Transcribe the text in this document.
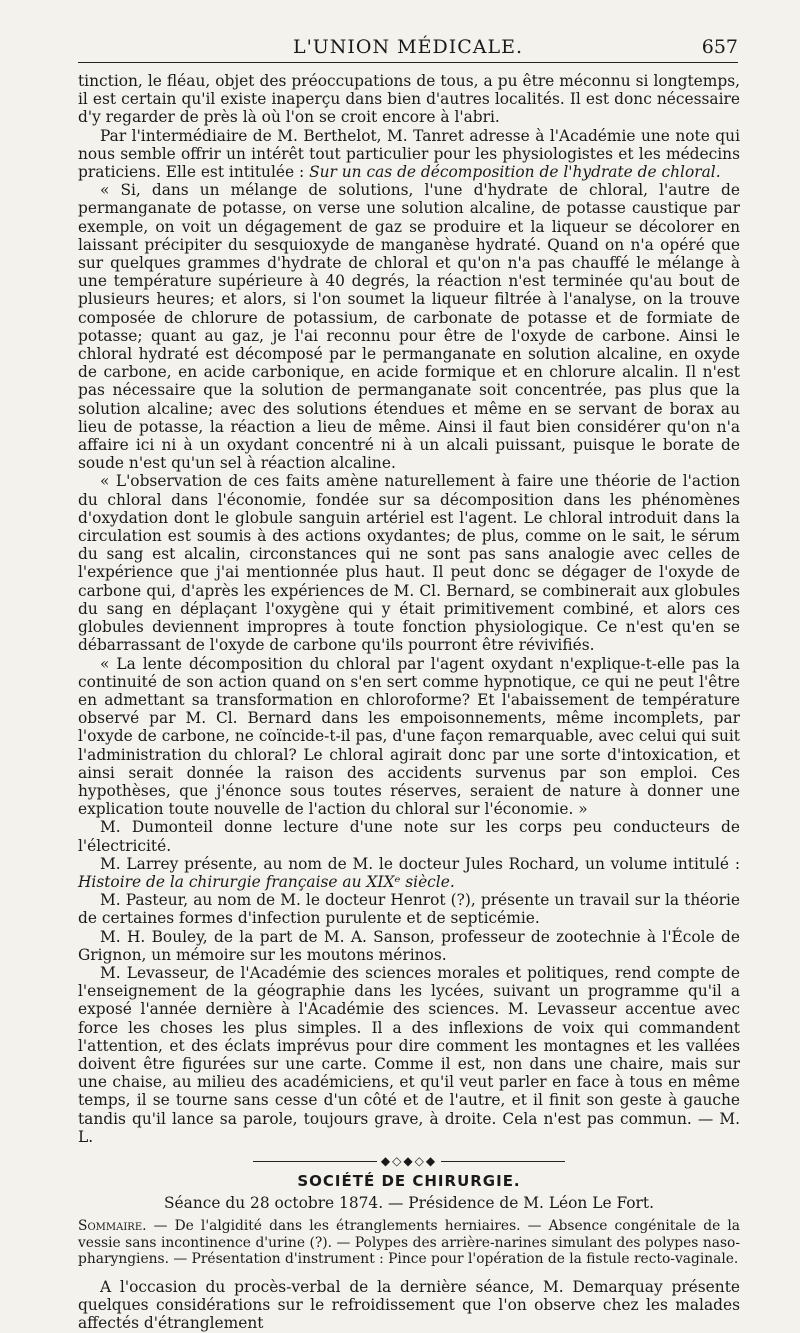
L'UNION MÉDICALE.	657

tinction, le fléau, objet des préoccupations de tous, a pu être méconnu si longtemps, il est certain qu'il existe inaperçu dans bien d'autres localités. Il est donc nécessaire d'y regarder de près là où l'on se croit encore à l'abri.

Par l'intermédiaire de M. Berthelot, M. Tanret adresse à l'Académie une note qui nous semble offrir un intérêt tout particulier pour les physiologistes et les médecins praticiens. Elle est intitulée : Sur un cas de décomposition de l'hydrate de chloral.

« Si, dans un mélange de solutions, l'une d'hydrate de chloral, l'autre de permanganate de potasse, on verse une solution alcaline, de potasse caustique par exemple, on voit un dégagement de gaz se produire et la liqueur se décolorer en laissant précipiter du sesquioxyde de manganèse hydraté. Quand on n'a opéré que sur quelques grammes d'hydrate de chloral et qu'on n'a pas chauffé le mélange à une température supérieure à 40 degrés, la réaction n'est terminée qu'au bout de plusieurs heures; et alors, si l'on soumet la liqueur filtrée à l'analyse, on la trouve composée de chlorure de potassium, de carbonate de potasse et de formiate de potasse; quant au gaz, je l'ai reconnu pour être de l'oxyde de carbone. Ainsi le chloral hydraté est décomposé par le permanganate en solution alcaline, en oxyde de carbone, en acide carbonique, en acide formique et en chlorure alcalin. Il n'est pas nécessaire que la solution de permanganate soit concentrée, pas plus que la solution alcaline; avec des solutions étendues et même en se servant de borax au lieu de potasse, la réaction a lieu de même. Ainsi il faut bien considérer qu'on n'a affaire ici ni à un oxydant concentré ni à un alcali puissant, puisque le borate de soude n'est qu'un sel à réaction alcaline.

« L'observation de ces faits amène naturellement à faire une théorie de l'action du chloral dans l'économie, fondée sur sa décomposition dans les phénomènes d'oxydation dont le globule sanguin artériel est l'agent. Le chloral introduit dans la circulation est soumis à des actions oxydantes; de plus, comme on le sait, le sérum du sang est alcalin, circonstances qui ne sont pas sans analogie avec celles de l'expérience que j'ai mentionnée plus haut. Il peut donc se dégager de l'oxyde de carbone qui, d'après les expériences de M. Cl. Bernard, se combinerait aux globules du sang en déplaçant l'oxygène qui y était primitivement combiné, et alors ces globules deviennent impropres à toute fonction physiologique. Ce n'est qu'en se débarrassant de l'oxyde de carbone qu'ils pourront être révivifiés.

« La lente décomposition du chloral par l'agent oxydant n'explique-t-elle pas la continuité de son action quand on s'en sert comme hypnotique, ce qui ne peut l'être en admettant sa transformation en chloroforme? Et l'abaissement de température observé par M. Cl. Bernard dans les empoisonnements, même incomplets, par l'oxyde de carbone, ne coïncide-t-il pas, d'une façon remarquable, avec celui qui suit l'administration du chloral? Le chloral agirait donc par une sorte d'intoxication, et ainsi serait donnée la raison des accidents survenus par son emploi. Ces hypothèses, que j'énonce sous toutes réserves, seraient de nature à donner une explication toute nouvelle de l'action du chloral sur l'économie. »

M. Dumonteil donne lecture d'une note sur les corps peu conducteurs de l'électricité.

M. Larrey présente, au nom de M. le docteur Jules Rochard, un volume intitulé : Histoire de la chirurgie française au XIXᵉ siècle.

M. Pasteur, au nom de M. le docteur Henrot (?), présente un travail sur la théorie de certaines formes d'infection purulente et de septicémie.

M. H. Bouley, de la part de M. A. Sanson, professeur de zootechnie à l'École de Grignon, un mémoire sur les moutons mérinos.

M. Levasseur, de l'Académie des sciences morales et politiques, rend compte de l'enseignement de la géographie dans les lycées, suivant un programme qu'il a exposé l'année dernière à l'Académie des sciences. M. Levasseur accentue avec force les choses les plus simples. Il a des inflexions de voix qui commandent l'attention, et des éclats imprévus pour dire comment les montagnes et les vallées doivent être figurées sur une carte. Comme il est, non dans une chaire, mais sur une chaise, au milieu des académiciens, et qu'il veut parler en face à tous en même temps, il se tourne sans cesse d'un côté et de l'autre, et il finit son geste à gauche tandis qu'il lance sa parole, toujours grave, à droite. Cela n'est pas commun. — M. L.

◆◇◆◇◆
SOCIÉTÉ DE CHIRURGIE.
Séance du 28 octobre 1874. — Présidence de M. Léon Le Fort.

Sommaire. — De l'algidité dans les étranglements herniaires. — Absence congénitale de la vessie sans incontinence d'urine (?). — Polypes des arrière-narines simulant des polypes naso-pharyngiens. — Présentation d'instrument : Pince pour l'opération de la fistule recto-vaginale.

A l'occasion du procès-verbal de la dernière séance, M. Demarquay présente quelques considérations sur le refroidissement que l'on observe chez les malades affectés d'étranglement
